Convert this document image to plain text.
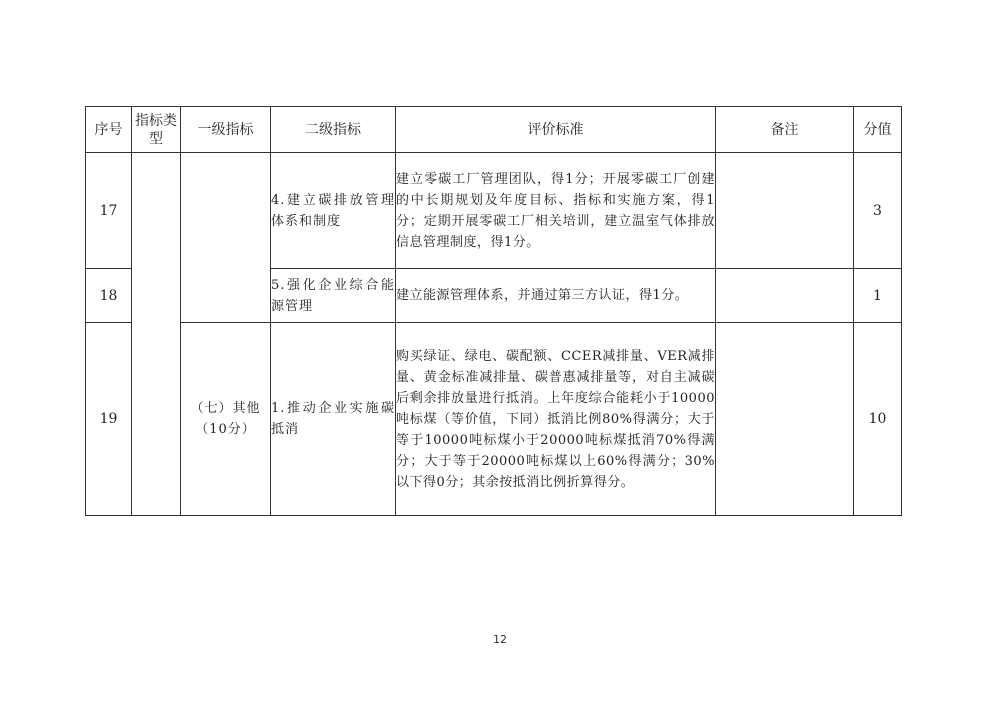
序号	指标类型	一级指标	二级指标	评价标准	备注	分值
17			4.建立碳排放管理体系和制度	建立零碳工厂管理团队，得1分；开展零碳工厂创建的中长期规划及年度目标、指标和实施方案，得1分；定期开展零碳工厂相关培训，建立温室气体排放信息管理制度，得1分。		3
18			5.强化企业综合能源管理	建立能源管理体系，并通过第三方认证，得1分。		1
19		（七）其他（10分）	1.推动企业实施碳抵消	购买绿证、绿电、碳配额、CCER减排量、VER减排量、黄金标准减排量、碳普惠减排量等，对自主减碳后剩余排放量进行抵消。上年度综合能耗小于10000吨标煤（等价值，下同）抵消比例80%得满分；大于等于10000吨标煤小于20000吨标煤抵消70%得满分；大于等于20000吨标煤以上60%得满分；30%以下得0分；其余按抵消比例折算得分。		10
12
